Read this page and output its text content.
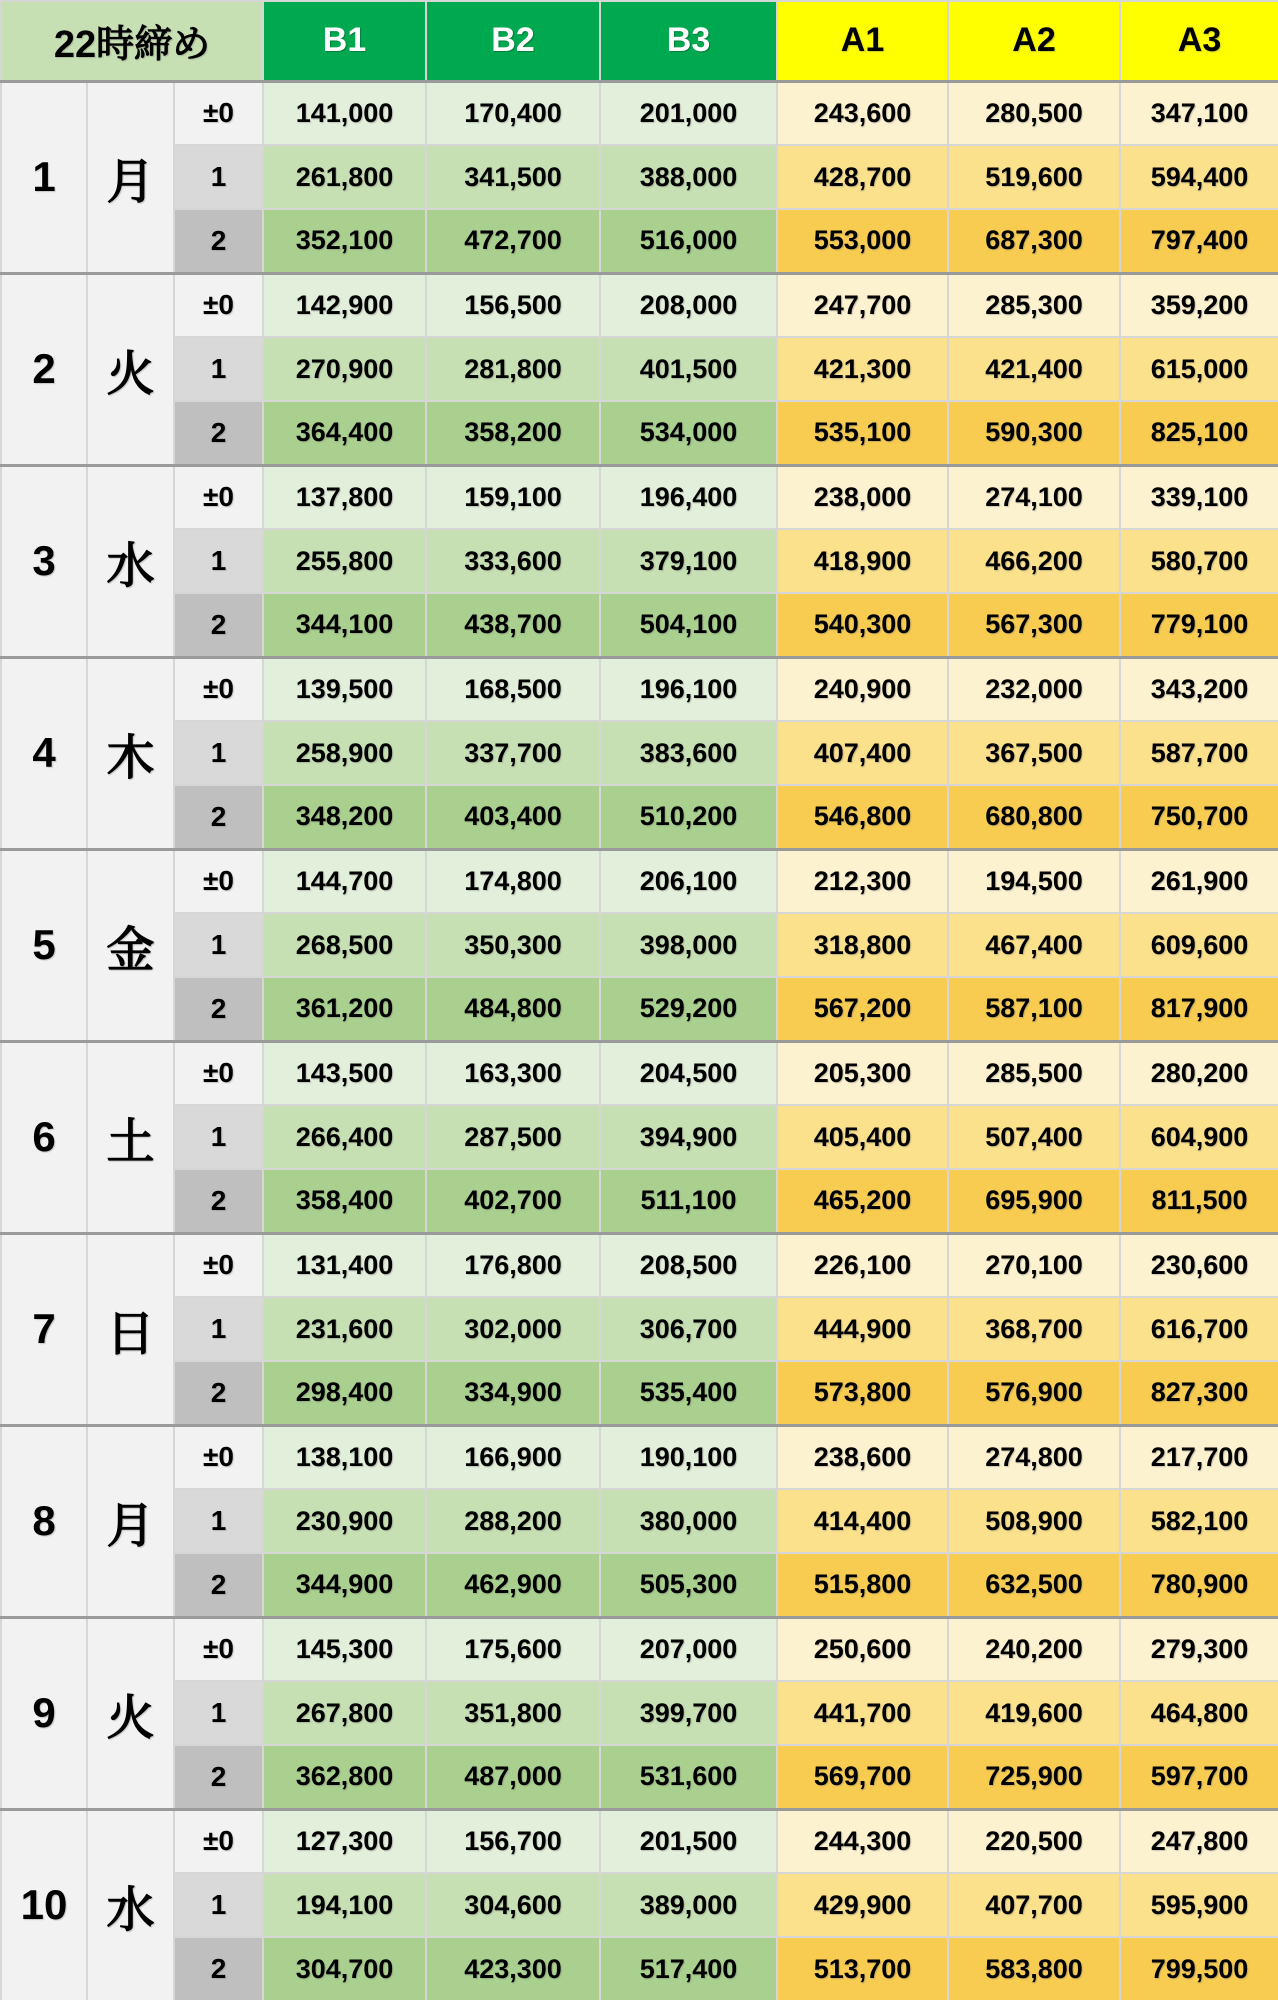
22時締め			B1	B2	B3	A1	A2	A3
1	月	±0	141,000	170,400	201,000	243,600	280,500	347,100
		1	261,800	341,500	388,000	428,700	519,600	594,400
		2	352,100	472,700	516,000	553,000	687,300	797,400
2	火	±0	142,900	156,500	208,000	247,700	285,300	359,200
		1	270,900	281,800	401,500	421,300	421,400	615,000
		2	364,400	358,200	534,000	535,100	590,300	825,100
3	水	±0	137,800	159,100	196,400	238,000	274,100	339,100
		1	255,800	333,600	379,100	418,900	466,200	580,700
		2	344,100	438,700	504,100	540,300	567,300	779,100
4	木	±0	139,500	168,500	196,100	240,900	232,000	343,200
		1	258,900	337,700	383,600	407,400	367,500	587,700
		2	348,200	403,400	510,200	546,800	680,800	750,700
5	金	±0	144,700	174,800	206,100	212,300	194,500	261,900
		1	268,500	350,300	398,000	318,800	467,400	609,600
		2	361,200	484,800	529,200	567,200	587,100	817,900
6	土	±0	143,500	163,300	204,500	205,300	285,500	280,200
		1	266,400	287,500	394,900	405,400	507,400	604,900
		2	358,400	402,700	511,100	465,200	695,900	811,500
7	日	±0	131,400	176,800	208,500	226,100	270,100	230,600
		1	231,600	302,000	306,700	444,900	368,700	616,700
		2	298,400	334,900	535,400	573,800	576,900	827,300
8	月	±0	138,100	166,900	190,100	238,600	274,800	217,700
		1	230,900	288,200	380,000	414,400	508,900	582,100
		2	344,900	462,900	505,300	515,800	632,500	780,900
9	火	±0	145,300	175,600	207,000	250,600	240,200	279,300
		1	267,800	351,800	399,700	441,700	419,600	464,800
		2	362,800	487,000	531,600	569,700	725,900	597,700
10	水	±0	127,300	156,700	201,500	244,300	220,500	247,800
		1	194,100	304,600	389,000	429,900	407,700	595,900
		2	304,700	423,300	517,400	513,700	583,800	799,500
